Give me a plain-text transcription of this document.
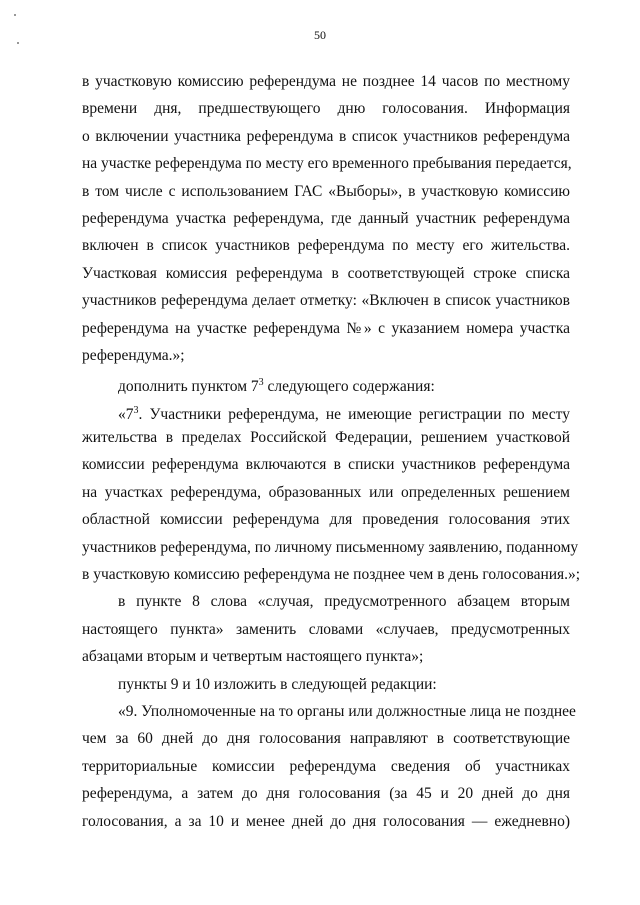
50
в участковую комиссию референдума не позднее 14 часов по местному
времени дня, предшествующего дню голосования. Информация
о включении участника референдума в список участников референдума
на участке референдума по месту его временного пребывания передается,
в том числе с использованием ГАС «Выборы», в участковую комиссию
референдума участка референдума, где данный участник референдума
включен в список участников референдума по месту его жительства.
Участковая комиссия референдума в соответствующей строке списка
участников референдума делает отметку: «Включен в список участников
референдума на участке референдума №» с указанием номера участка
референдума.»;
дополнить пунктом $7^3$ следующего содержания:
«$7^3$. Участники референдума, не имеющие регистрации по месту
жительства в пределах Российской Федерации, решением участковой
комиссии референдума включаются в списки участников референдума
на участках референдума, образованных или определенных решением
областной комиссии референдума для проведения голосования этих
участников референдума, по личному письменному заявлению, поданному
в участковую комиссию референдума не позднее чем в день голосования.»;
в пункте 8 слова «случая, предусмотренного абзацем вторым
настоящего пункта» заменить словами «случаев, предусмотренных
абзацами вторым и четвертым настоящего пункта»;
пункты 9 и 10 изложить в следующей редакции:
«9. Уполномоченные на то органы или должностные лица не позднее
чем за 60 дней до дня голосования направляют в соответствующие
территориальные комиссии референдума сведения об участниках
референдума, а затем до дня голосования (за 45 и 20 дней до дня
голосования, а за 10 и менее дней до дня голосования — ежедневно)
